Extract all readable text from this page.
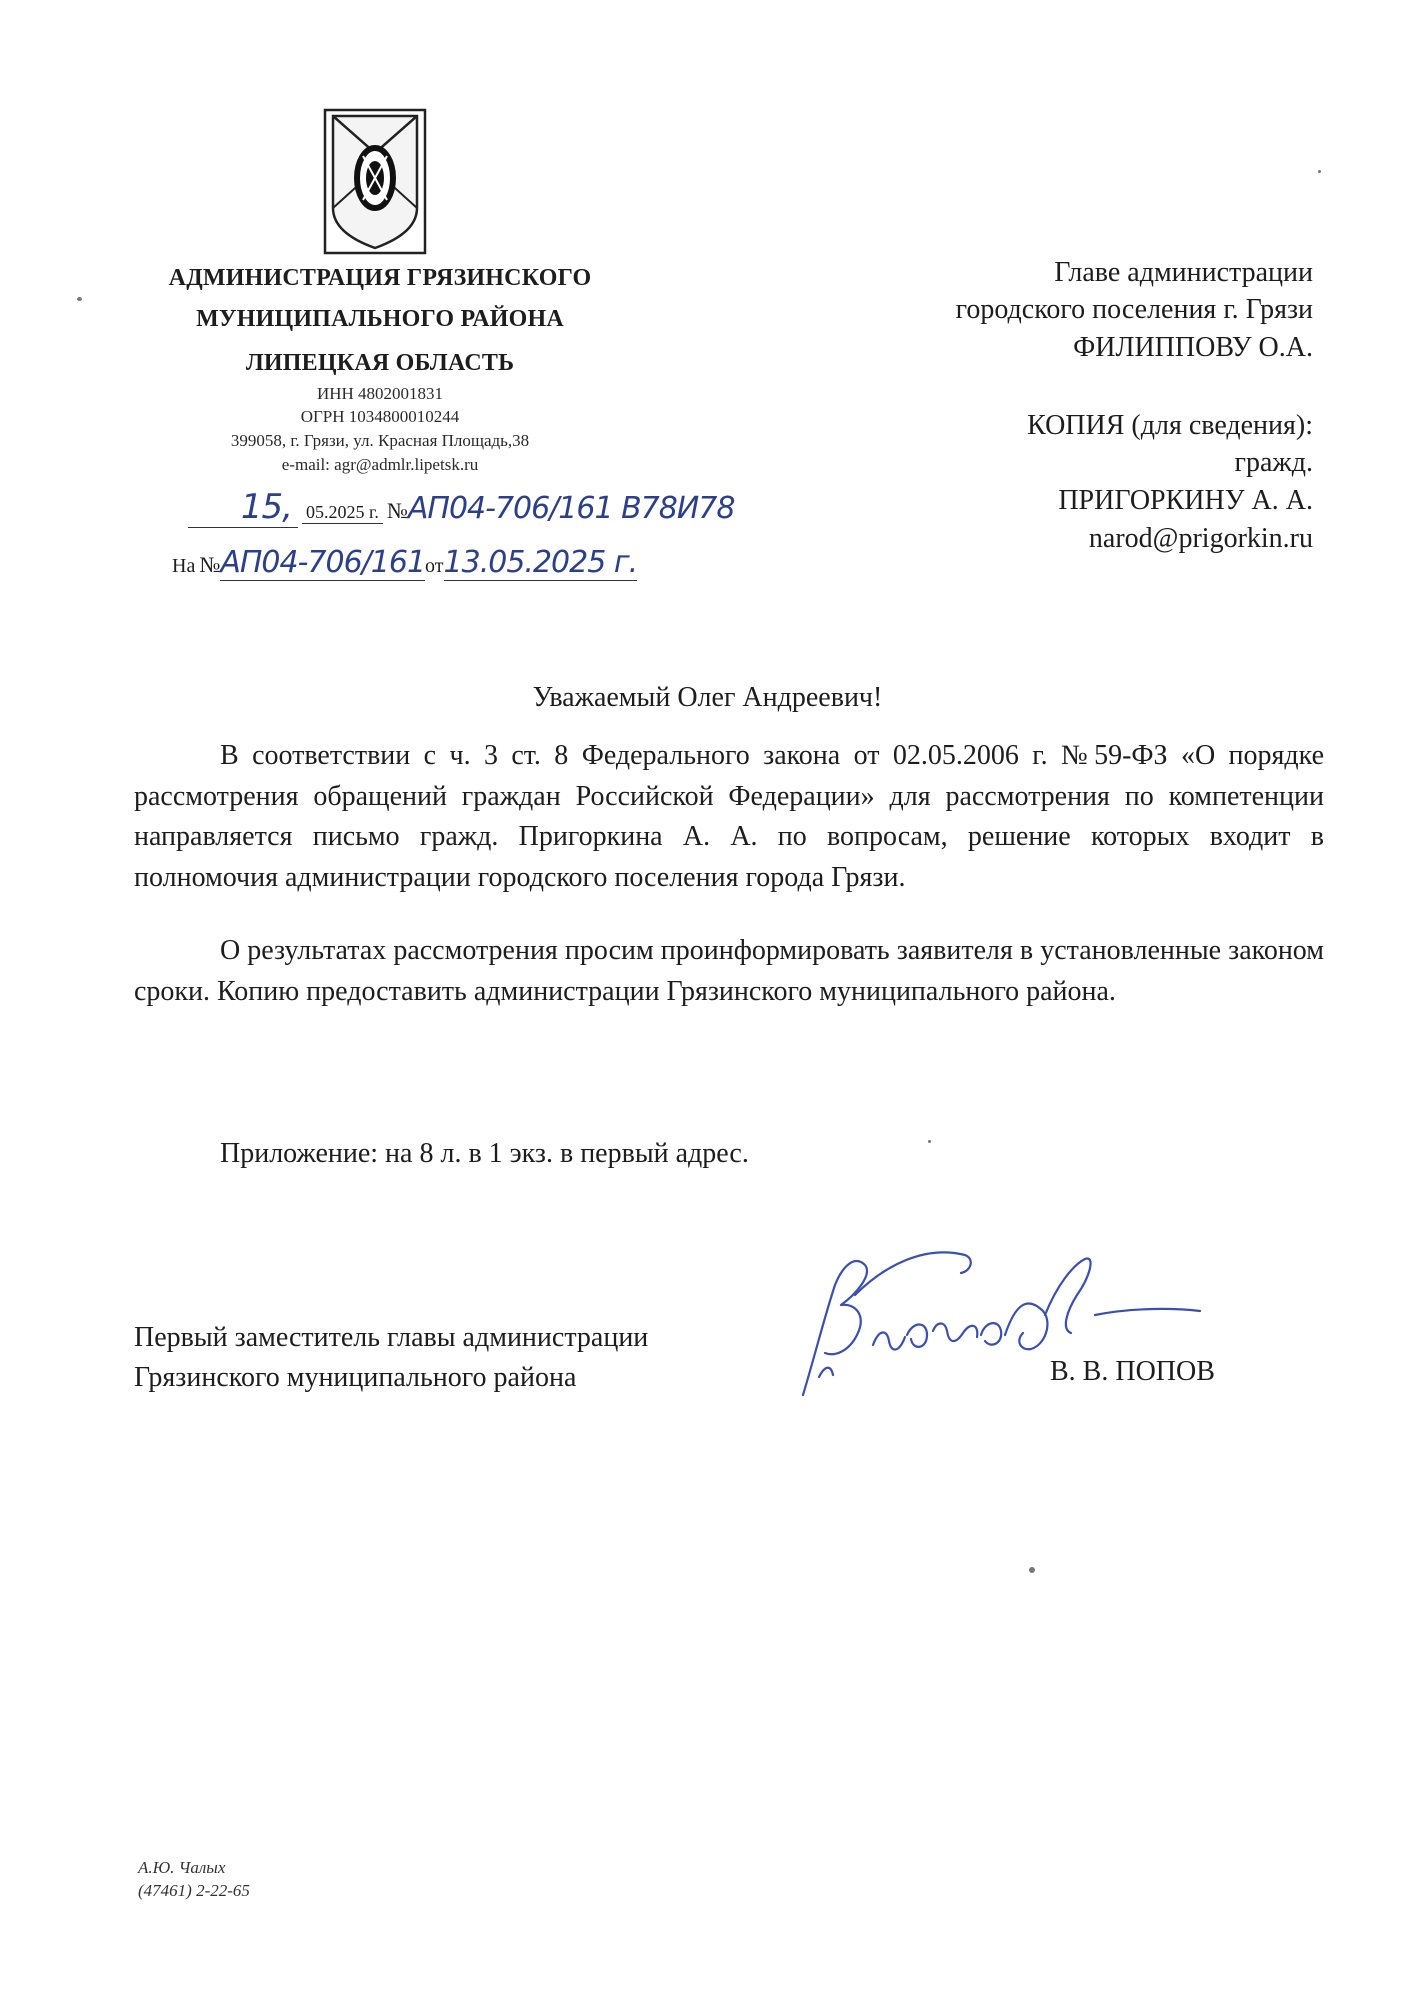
АДМИНИСТРАЦИЯ ГРЯЗИНСКОГО
МУНИЦИПАЛЬНОГО РАЙОНА
ЛИПЕЦКАЯ ОБЛАСТЬ
ИНН 4802001831
ОГРН 1034800010244
399058, г. Грязи, ул. Красная Площадь,38
e-mail: agr@admlr.lipetsk.ru
15, 05.2025 г. №АП04-706/161 В78И78
На №АП04-706/161от13.05.2025 г.
Главе администрации
городского поселения г. Грязи
ФИЛИППОВУ О.А.
КОПИЯ (для сведения):
гражд.
ПРИГОРКИНУ А. А.
narod@prigorkin.ru
Уважаемый Олег Андреевич!

В соответствии с ч. 3 ст. 8 Федерального закона от 02.05.2006 г. №59-ФЗ «О порядке рассмотрения обращений граждан Российской Федерации» для рассмотрения по компетенции направляется письмо гражд. Пригоркина А. А. по вопросам, решение которых входит в полномочия администрации городского поселения города Грязи.

О результатах рассмотрения просим проинформировать заявителя в установленные законом сроки. Копию предоставить администрации Грязинского муниципального района.

Приложение: на 8 л. в 1 экз. в первый адрес.
Первый заместитель главы администрации
Грязинского муниципального района	В. В. ПОПОВ
А.Ю. Чалых
(47461) 2-22-65
